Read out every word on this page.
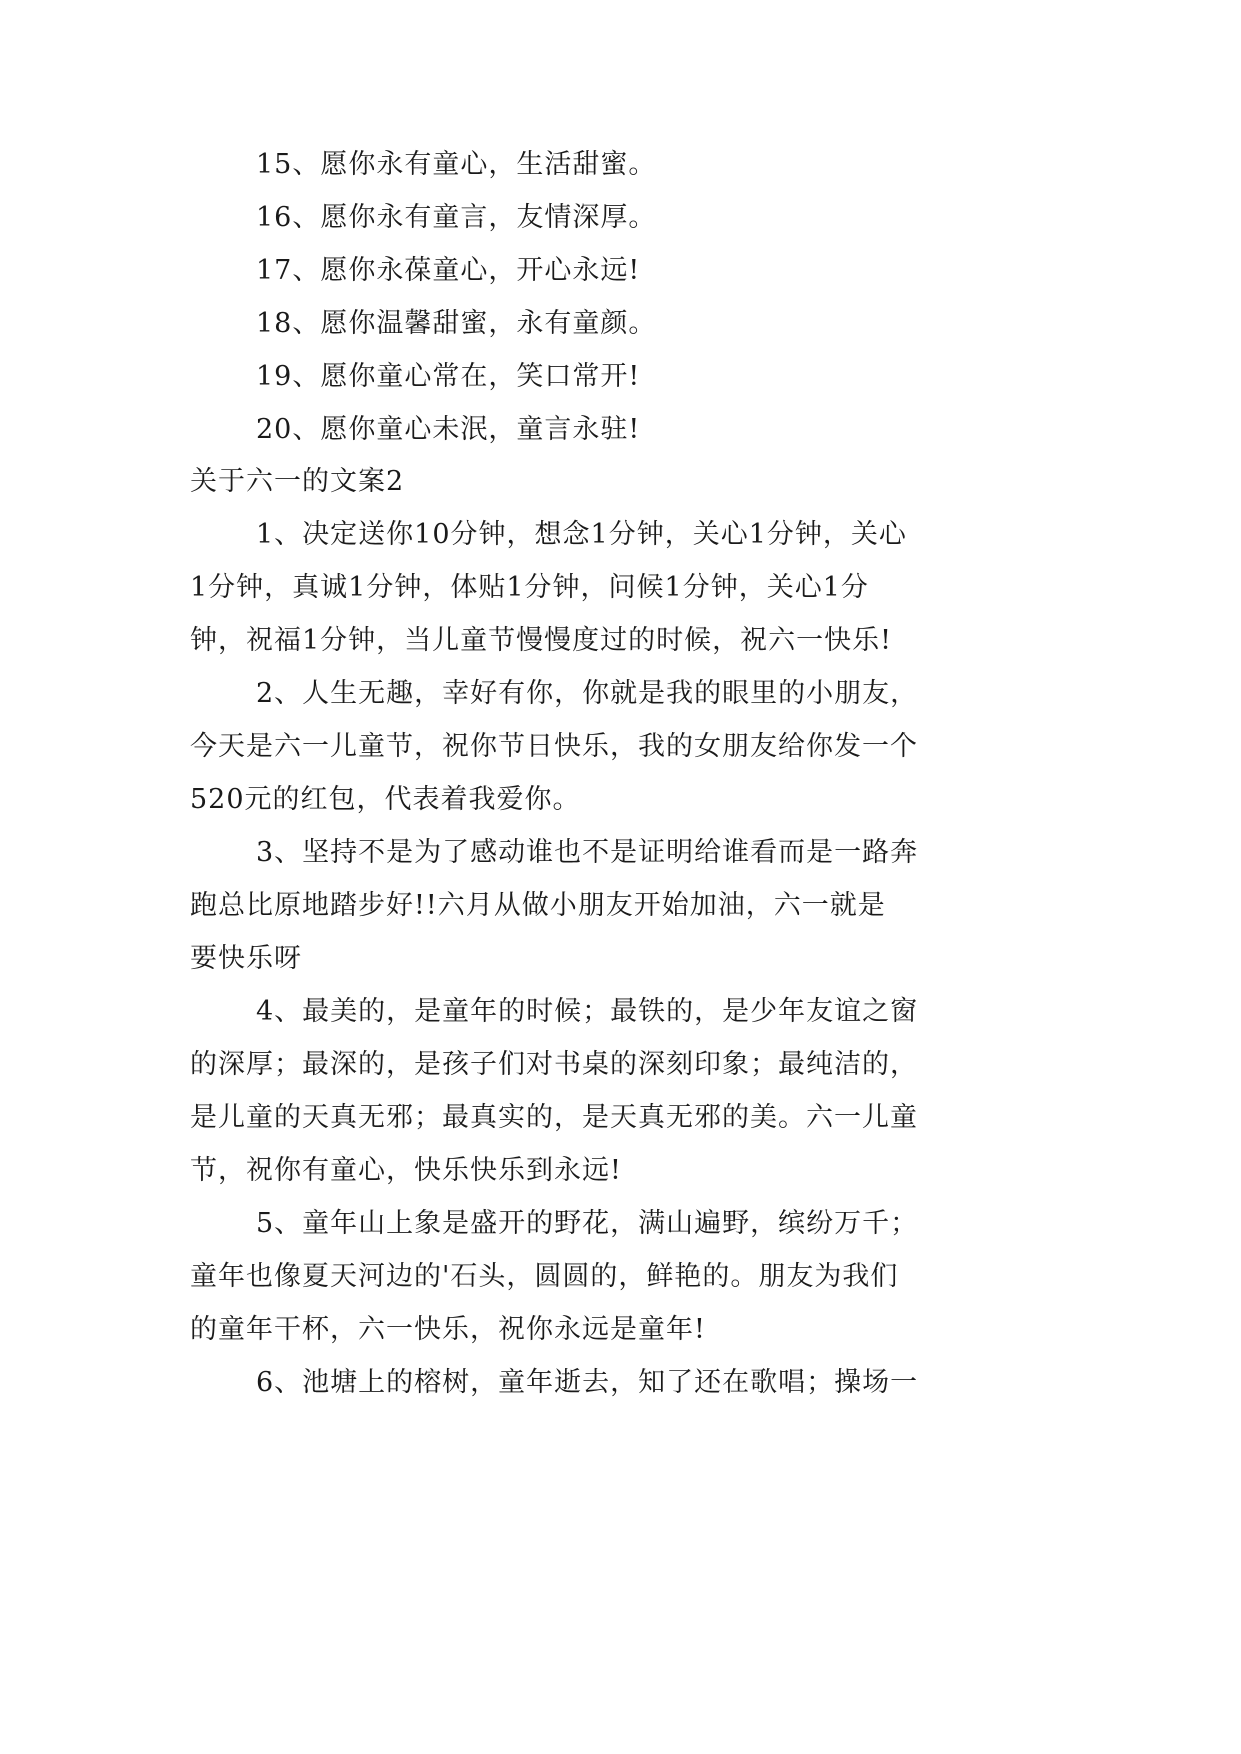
15、愿你永有童心，生活甜蜜。
16、愿你永有童言，友情深厚。
17、愿你永葆童心，开心永远!
18、愿你温馨甜蜜，永有童颜。
19、愿你童心常在，笑口常开!
20、愿你童心未泯，童言永驻!
关于六一的文案2
1、决定送你10分钟，想念1分钟，关心1分钟，关心
1分钟，真诚1分钟，体贴1分钟，问候1分钟，关心1分
钟，祝福1分钟，当儿童节慢慢度过的时候，祝六一快乐!
2、人生无趣，幸好有你，你就是我的眼里的小朋友，
今天是六一儿童节，祝你节日快乐，我的女朋友给你发一个
520元的红包，代表着我爱你。
3、坚持不是为了感动谁也不是证明给谁看而是一路奔
跑总比原地踏步好!!六月从做小朋友开始加油，六一就是
要快乐呀
4、最美的，是童年的时候；最铁的，是少年友谊之窗
的深厚；最深的，是孩子们对书桌的深刻印象；最纯洁的，
是儿童的天真无邪；最真实的，是天真无邪的美。六一儿童
节，祝你有童心，快乐快乐到永远!
5、童年山上象是盛开的野花，满山遍野，缤纷万千；
童年也像夏天河边的'石头，圆圆的，鲜艳的。朋友为我们
的童年干杯，六一快乐，祝你永远是童年!
6、池塘上的榕树，童年逝去，知了还在歌唱；操场一
